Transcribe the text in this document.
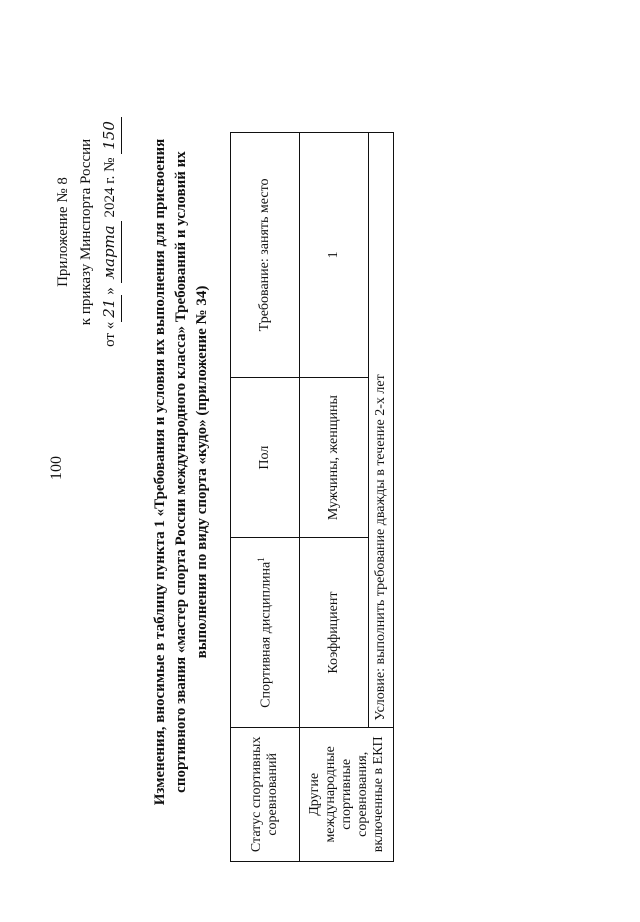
100
Приложение № 8 к приказу Минспорта России
от «21» марта 2024 г. № 150
Изменения, вносимые в таблицу пункта 1 «Требования и условия их выполнения для присвоения спортивного звания «мастер спорта России международного класса» Требований и условий их выполнения по виду спорта «кудо» (приложение № 34)
Статус спортивных соревнований	Спортивная дисциплина$^1$	Пол	Требование: занять место
Другие международные спортивные соревнования, включенные в ЕКП	Коэффициент	Мужчины, женщины	1
	Условие: выполнить требование дважды в течение 2-х лет		
